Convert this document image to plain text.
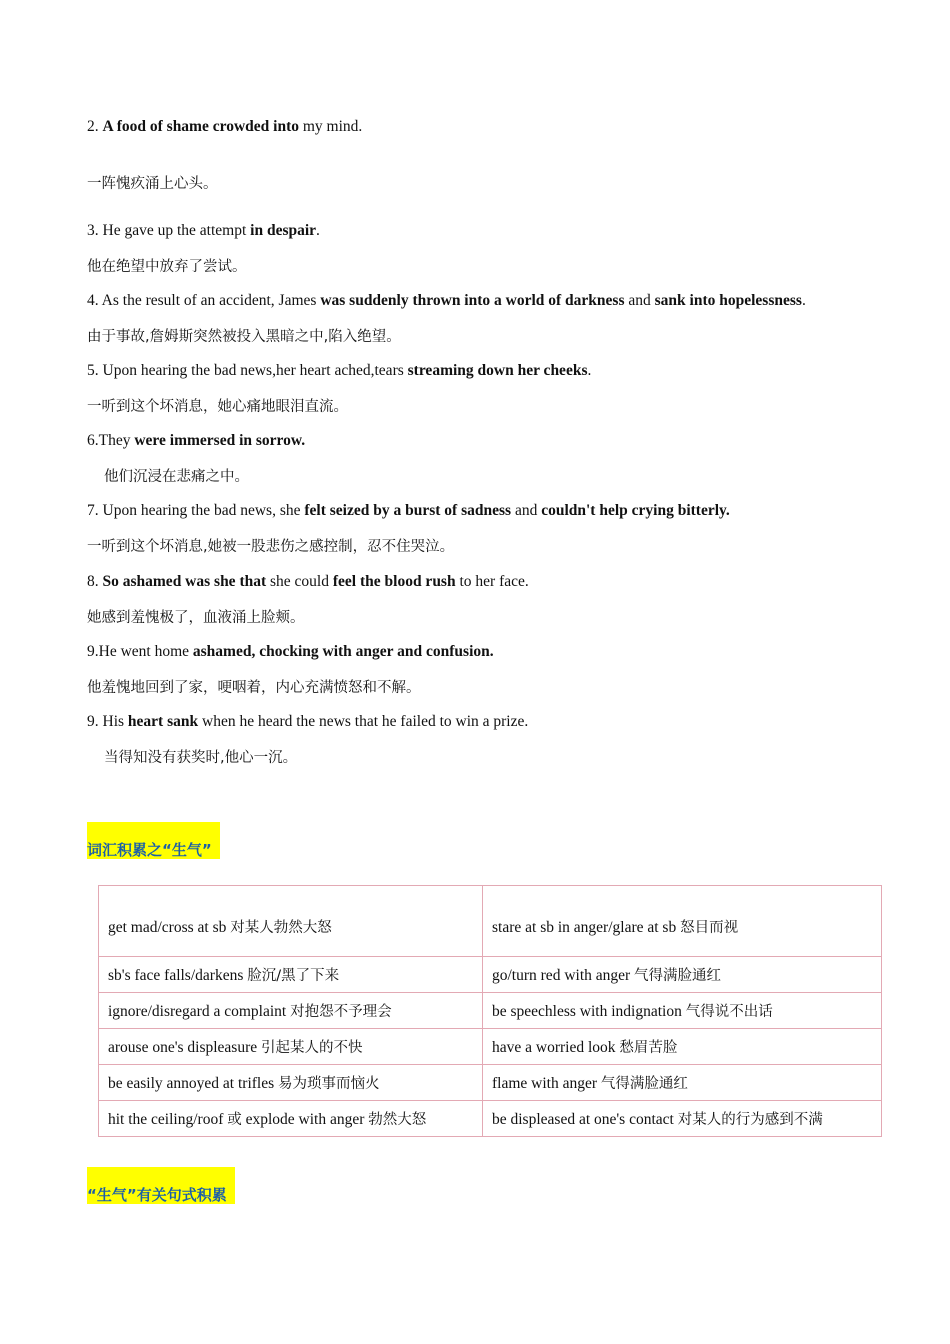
2. A food of shame crowded into my mind.
一阵愧疚涌上心头。
3. He gave up the attempt in despair.
他在绝望中放弃了尝试。
4. As the result of an accident, James was suddenly thrown into a world of darkness and sank into hopelessness.
由于事故,詹姆斯突然被投入黑暗之中,陷入绝望。
5. Upon hearing the bad news,her heart ached,tears streaming down her cheeks.
一听到这个坏消息，她心痛地眼泪直流。
6.They were immersed in sorrow.
他们沉浸在悲痛之中。
7. Upon hearing the bad news, she felt seized by a burst of sadness and couldn't help crying bitterly.
一听到这个坏消息,她被一股悲伤之感控制，忍不住哭泣。
8. So ashamed was she that she could feel the blood rush to her face.
她感到羞愧极了，血液涌上脸颊。
9.He went home ashamed, chocking with anger and confusion.
他羞愧地回到了家，哽咽着，内心充满愤怒和不解。
9. His heart sank when he heard the news that he failed to win a prize.
当得知没有获奖时,他心一沉。
词汇积累之“生气”
get mad/cross at sb 对某人勃然大怒	stare at sb in anger/glare at sb 怒目而视
sb's face falls/darkens 脸沉/黑了下来	go/turn red with anger 气得满脸通红
ignore/disregard a complaint 对抱怨不予理会	be speechless with indignation 气得说不出话
arouse one's displeasure 引起某人的不快	have a worried look 愁眉苦脸
be easily annoyed at trifles 易为琐事而恼火	flame with anger 气得满脸通红
hit the ceiling/roof 或 explode with anger 勃然大怒	be displeased at one's contact 对某人的行为感到不满
“生气”有关句式积累
